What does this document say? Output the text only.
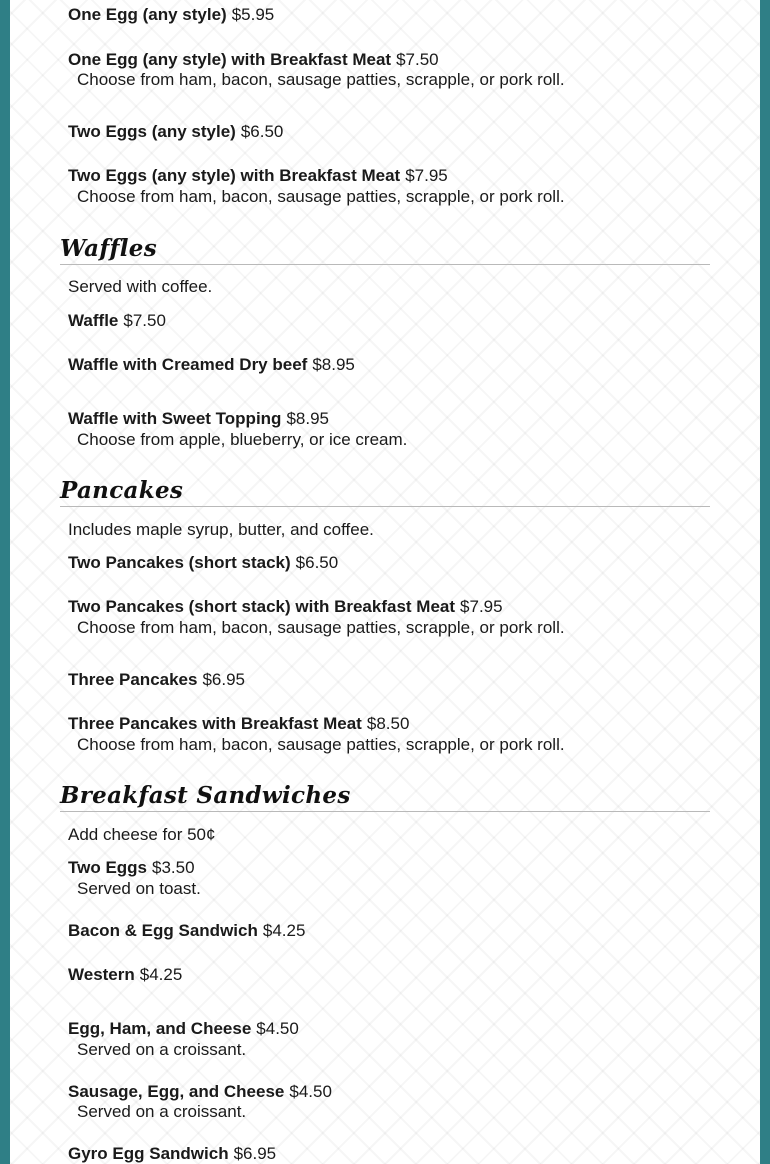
One Egg (any style) $5.95
One Egg (any style) with Breakfast Meat $7.50
Choose from ham, bacon, sausage patties, scrapple, or pork roll.
Two Eggs (any style) $6.50
Two Eggs (any style) with Breakfast Meat $7.95
Choose from ham, bacon, sausage patties, scrapple, or pork roll.
Waffles
Served with coffee.
Waffle $7.50
Waffle with Creamed Dry beef $8.95
Waffle with Sweet Topping $8.95
Choose from apple, blueberry, or ice cream.
Pancakes
Includes maple syrup, butter, and coffee.
Two Pancakes (short stack) $6.50
Two Pancakes (short stack) with Breakfast Meat $7.95
Choose from ham, bacon, sausage patties, scrapple, or pork roll.
Three Pancakes $6.95
Three Pancakes with Breakfast Meat $8.50
Choose from ham, bacon, sausage patties, scrapple, or pork roll.
Breakfast Sandwiches
Add cheese for 50¢
Two Eggs $3.50
Served on toast.
Bacon & Egg Sandwich $4.25
Western $4.25
Egg, Ham, and Cheese $4.50
Served on a croissant.
Sausage, Egg, and Cheese $4.50
Served on a croissant.
Gyro Egg Sandwich $6.95
